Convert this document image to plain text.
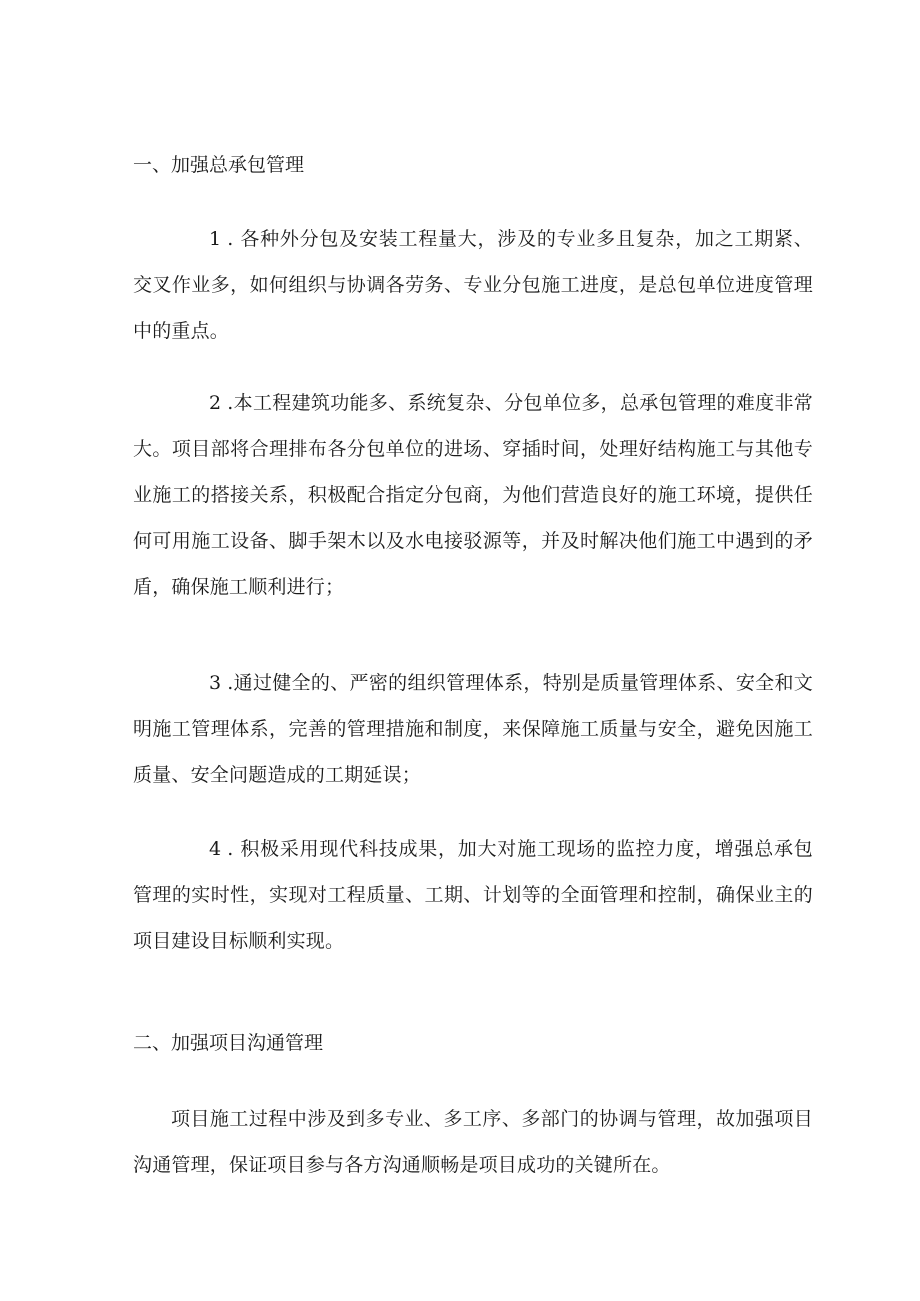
一、加强总承包管理
1 . 各种外分包及安装工程量大，涉及的专业多且复杂，加之工期紧、交叉作业多，如何组织与协调各劳务、专业分包施工进度，是总包单位进度管理中的重点。
2 .本工程建筑功能多、系统复杂、分包单位多，总承包管理的难度非常大。项目部将合理排布各分包单位的进场、穿插时间，处理好结构施工与其他专业施工的搭接关系，积极配合指定分包商，为他们营造良好的施工环境，提供任何可用施工设备、脚手架木以及水电接驳源等，并及时解决他们施工中遇到的矛盾，确保施工顺利进行；
3 .通过健全的、严密的组织管理体系，特别是质量管理体系、安全和文明施工管理体系，完善的管理措施和制度，来保障施工质量与安全，避免因施工质量、安全问题造成的工期延误；
4 . 积极采用现代科技成果，加大对施工现场的监控力度，增强总承包管理的实时性，实现对工程质量、工期、计划等的全面管理和控制，确保业主的项目建设目标顺利实现。
二、加强项目沟通管理
项目施工过程中涉及到多专业、多工序、多部门的协调与管理，故加强项目沟通管理，保证项目参与各方沟通顺畅是项目成功的关键所在。
